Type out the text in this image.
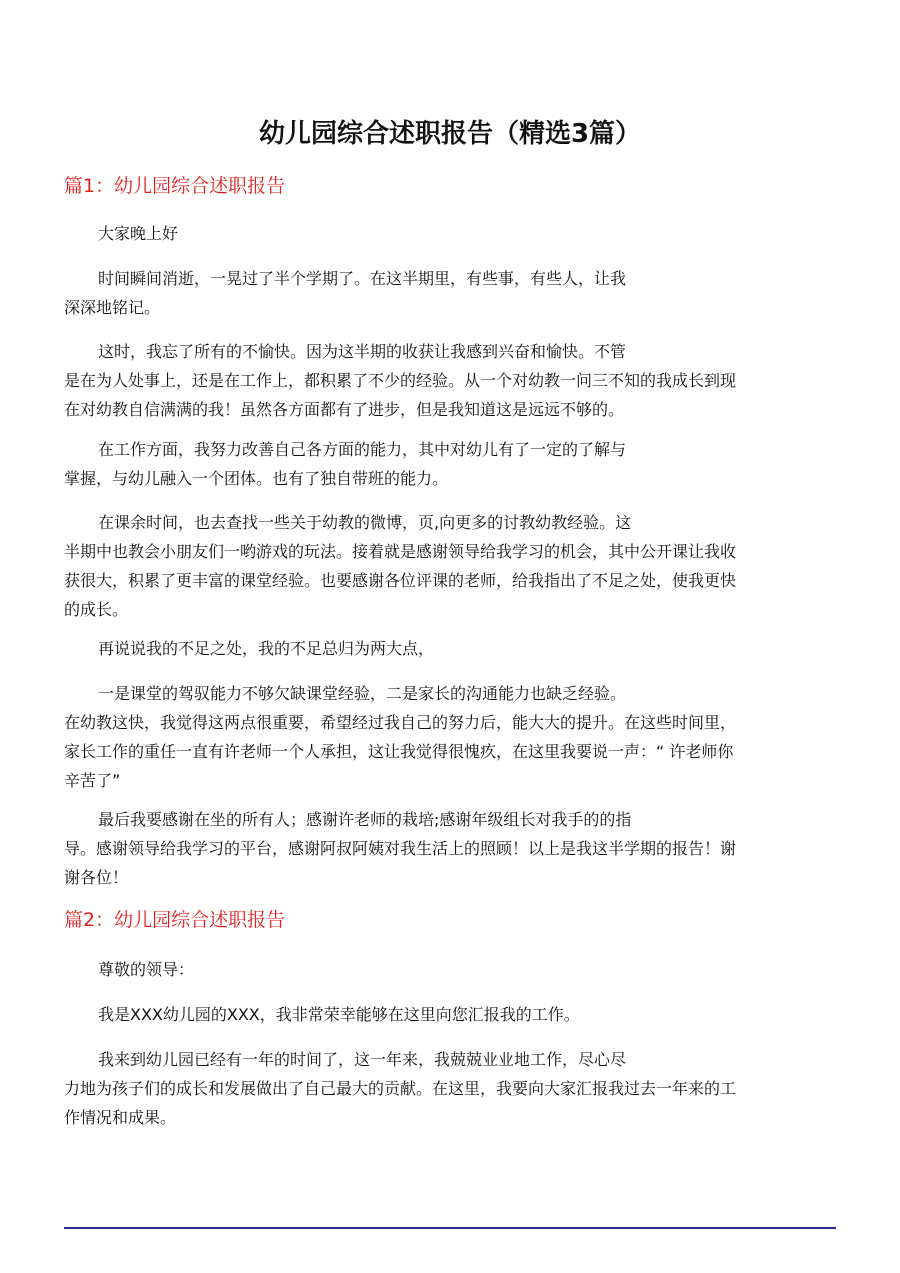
幼儿园综合述职报告（精选3篇）
篇1：幼儿园综合述职报告
大家晚上好
时间瞬间消逝，一晃过了半个学期了。在这半期里，有些事，有些人，让我
深深地铭记。
这时，我忘了所有的不愉快。因为这半期的收获让我感到兴奋和愉快。不管
是在为人处事上，还是在工作上，都积累了不少的经验。从一个对幼教一问三不知的我成长到现
在对幼教自信满满的我！虽然各方面都有了进步，但是我知道这是远远不够的。
在工作方面，我努力改善自己各方面的能力，其中对幼儿有了一定的了解与
掌握，与幼儿融入一个团体。也有了独自带班的能力。
在课余时间，也去查找一些关于幼教的微博，页,向更多的讨教幼教经验。这
半期中也教会小朋友们一哟游戏的玩法。接着就是感谢领导给我学习的机会，其中公开课让我收
获很大，积累了更丰富的课堂经验。也要感谢各位评课的老师，给我指出了不足之处，使我更快
的成长。
再说说我的不足之处，我的不足总归为两大点，
一是课堂的驾驭能力不够欠缺课堂经验，二是家长的沟通能力也缺乏经验。
在幼教这快，我觉得这两点很重要，希望经过我自己的努力后，能大大的提升。在这些时间里，
家长工作的重任一直有许老师一个人承担，这让我觉得很愧疚，在这里我要说一声：“ 许老师你
辛苦了”
最后我要感谢在坐的所有人；感谢许老师的栽培;感谢年级组长对我手的的指
导。感谢领导给我学习的平台，感谢阿叔阿姨对我生活上的照顾！以上是我这半学期的报告！谢
谢各位！
篇2：幼儿园综合述职报告
尊敬的领导：
我是XXX幼儿园的XXX，我非常荣幸能够在这里向您汇报我的工作。
我来到幼儿园已经有一年的时间了，这一年来，我兢兢业业地工作，尽心尽
力地为孩子们的成长和发展做出了自己最大的贡献。在这里，我要向大家汇报我过去一年来的工
作情况和成果。
